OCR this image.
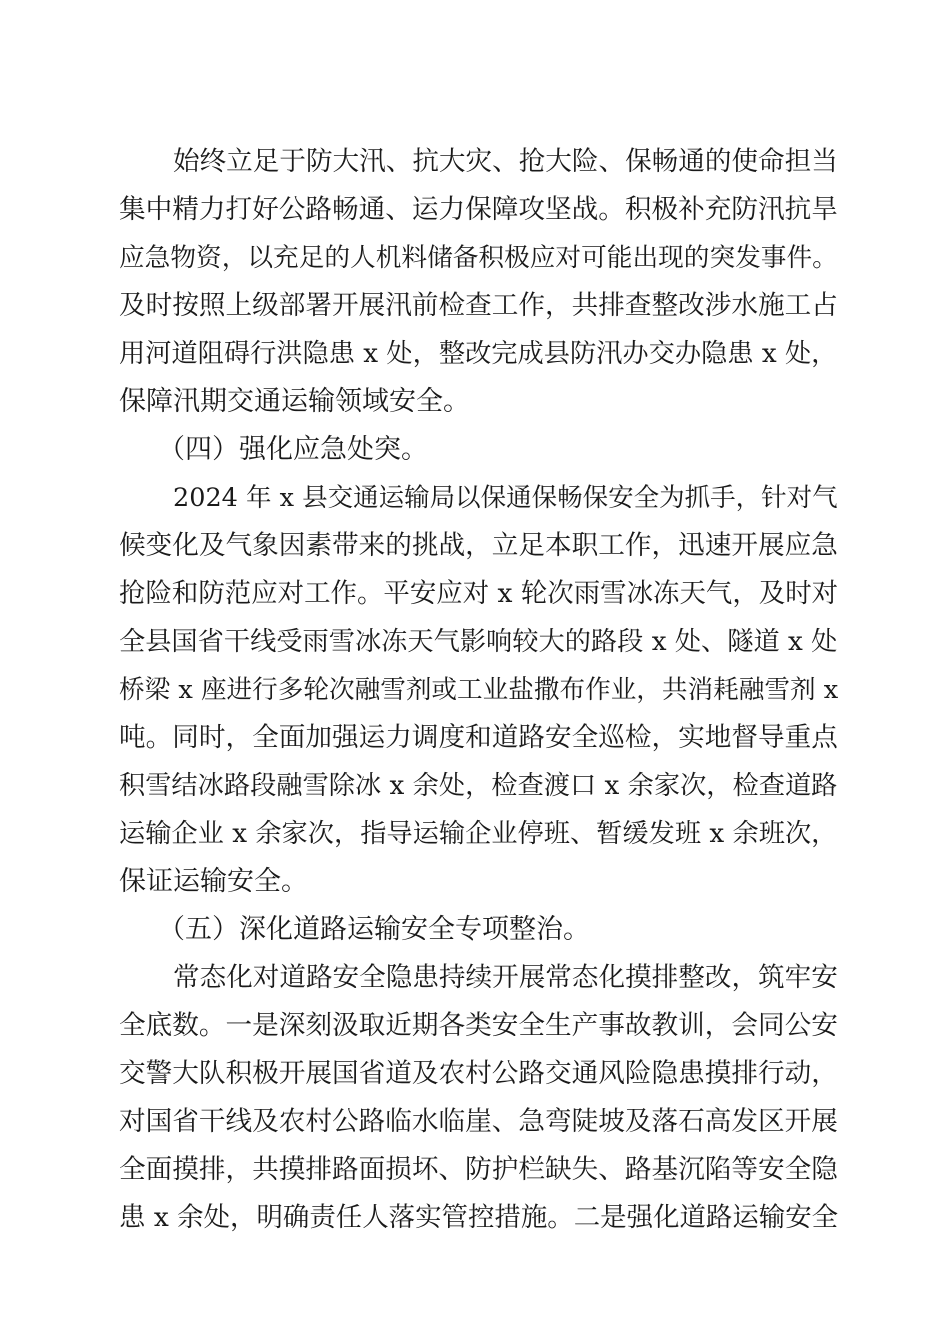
始终立足于防大汛、抗大灾、抢大险、保畅通的使命担当
集中精力打好公路畅通、运力保障攻坚战。积极补充防汛抗旱
应急物资，以充足的人机料储备积极应对可能出现的突发事件。
及时按照上级部署开展汛前检查工作，共排查整改涉水施工占
用河道阻碍行洪隐患 x 处，整改完成县防汛办交办隐患 x 处，
保障汛期交通运输领域安全。
（四）强化应急处突。
2024 年 x 县交通运输局以保通保畅保安全为抓手，针对气
候变化及气象因素带来的挑战，立足本职工作，迅速开展应急
抢险和防范应对工作。平安应对 x 轮次雨雪冰冻天气，及时对
全县国省干线受雨雪冰冻天气影响较大的路段 x 处、隧道 x 处
桥梁 x 座进行多轮次融雪剂或工业盐撒布作业，共消耗融雪剂 x
吨。同时，全面加强运力调度和道路安全巡检，实地督导重点
积雪结冰路段融雪除冰 x 余处，检查渡口 x 余家次，检查道路
运输企业 x 余家次，指导运输企业停班、暂缓发班 x 余班次，
保证运输安全。
（五）深化道路运输安全专项整治。
常态化对道路安全隐患持续开展常态化摸排整改，筑牢安
全底数。一是深刻汲取近期各类安全生产事故教训，会同公安
交警大队积极开展国省道及农村公路交通风险隐患摸排行动，
对国省干线及农村公路临水临崖、急弯陡坡及落石高发区开展
全面摸排，共摸排路面损坏、防护栏缺失、路基沉陷等安全隐
患 x 余处，明确责任人落实管控措施。二是强化道路运输安全
